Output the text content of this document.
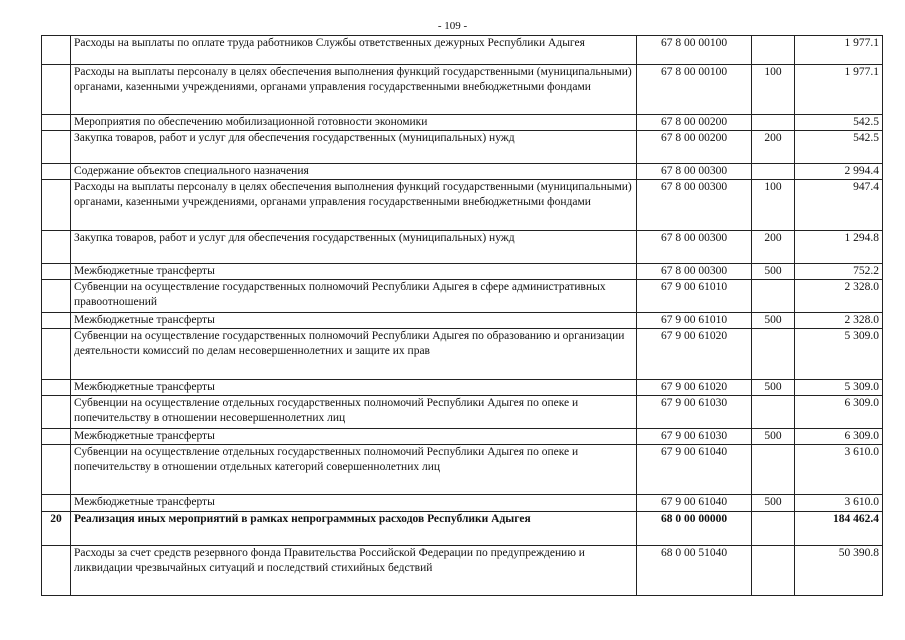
- 109 -
	Расходы на выплаты по оплате труда работников Службы ответственных дежурных Республики Адыгея	67 8 00 00100		1 977.1
	Расходы на выплаты персоналу в целях обеспечения выполнения функций государственными (муниципальными) органами, казенными учреждениями, органами управления государственными внебюджетными фондами	67 8 00 00100	100	1 977.1
	Мероприятия по обеспечению мобилизационной готовности экономики	67 8 00 00200		542.5
	Закупка товаров, работ и услуг для обеспечения государственных (муниципальных) нужд	67 8 00 00200	200	542.5
	Содержание объектов специального назначения	67 8 00 00300		2 994.4
	Расходы на выплаты персоналу в целях обеспечения выполнения функций государственными (муниципальными) органами, казенными учреждениями, органами управления государственными внебюджетными фондами	67 8 00 00300	100	947.4
	Закупка товаров, работ и услуг для обеспечения государственных (муниципальных) нужд	67 8 00 00300	200	1 294.8
	Межбюджетные трансферты	67 8 00 00300	500	752.2
	Субвенции на осуществление государственных полномочий Республики Адыгея в сфере административных правоотношений	67 9 00 61010		2 328.0
	Межбюджетные трансферты	67 9 00 61010	500	2 328.0
	Субвенции на осуществление государственных полномочий Республики Адыгея по образованию и организации деятельности комиссий по делам несовершеннолетних и защите их прав	67 9 00 61020		5 309.0
	Межбюджетные трансферты	67 9 00 61020	500	5 309.0
	Субвенции на осуществление отдельных государственных полномочий Республики Адыгея по опеке и попечительству в отношении несовершеннолетних лиц	67 9 00 61030		6 309.0
	Межбюджетные трансферты	67 9 00 61030	500	6 309.0
	Субвенции на осуществление отдельных государственных полномочий Республики Адыгея по опеке и попечительству в отношении отдельных категорий совершеннолетних лиц	67 9 00 61040		3 610.0
	Межбюджетные трансферты	67 9 00 61040	500	3 610.0
20	Реализация иных мероприятий в рамках непрограммных расходов Республики Адыгея	68 0 00 00000		184 462.4
	Расходы за счет средств резервного фонда Правительства Российской Федерации по предупреждению и ликвидации чрезвычайных ситуаций и последствий стихийных бедствий	68 0 00 51040		50 390.8
